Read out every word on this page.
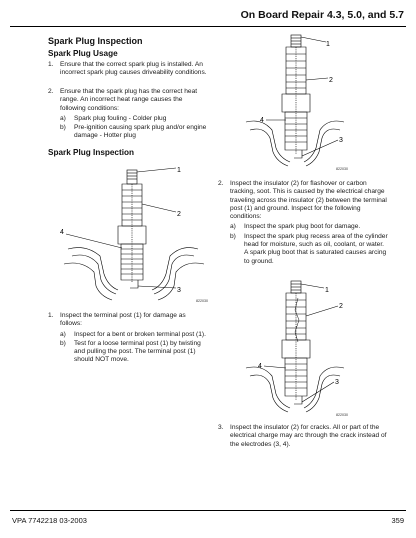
On Board Repair 4.3, 5.0, and 5.7
Spark Plug Inspection
Spark Plug Usage
1. Ensure that the correct spark plug is installed. An incorrect spark plug causes driveability conditions.
2. Ensure that the spark plug has the correct heat range. An incorrect heat range causes the following conditions:
a) Spark plug fouling - Colder plug
b) Pre-ignition causing spark plug and/or engine damage - Hotter plug
Spark Plug Inspection
1
2
3
4
822030
1. Inspect the terminal post (1) for damage as follows:
a) Inspect for a bent or broken terminal post (1).
b) Test for a loose terminal post (1) by twisting and pulling the post. The terminal post (1) should NOT move.
1
2
3
4
822030
2. Inspect the insulator (2) for flashover or carbon tracking, soot. This is caused by the electrical charge traveling across the insulator (2) between the terminal post (1) and ground. Inspect for the following conditions:
a) Inspect the spark plug boot for damage.
b) Inspect the spark plug recess area of the cylinder head for moisture, such as oil, coolant, or water. A spark plug boot that is saturated causes arcing to ground.
1
2
3
4
822030
3. Inspect the insulator (2) for cracks. All or part of the electrical charge may arc through the crack instead of the electrodes (3, 4).
VPA 7742218 03-2003	359
